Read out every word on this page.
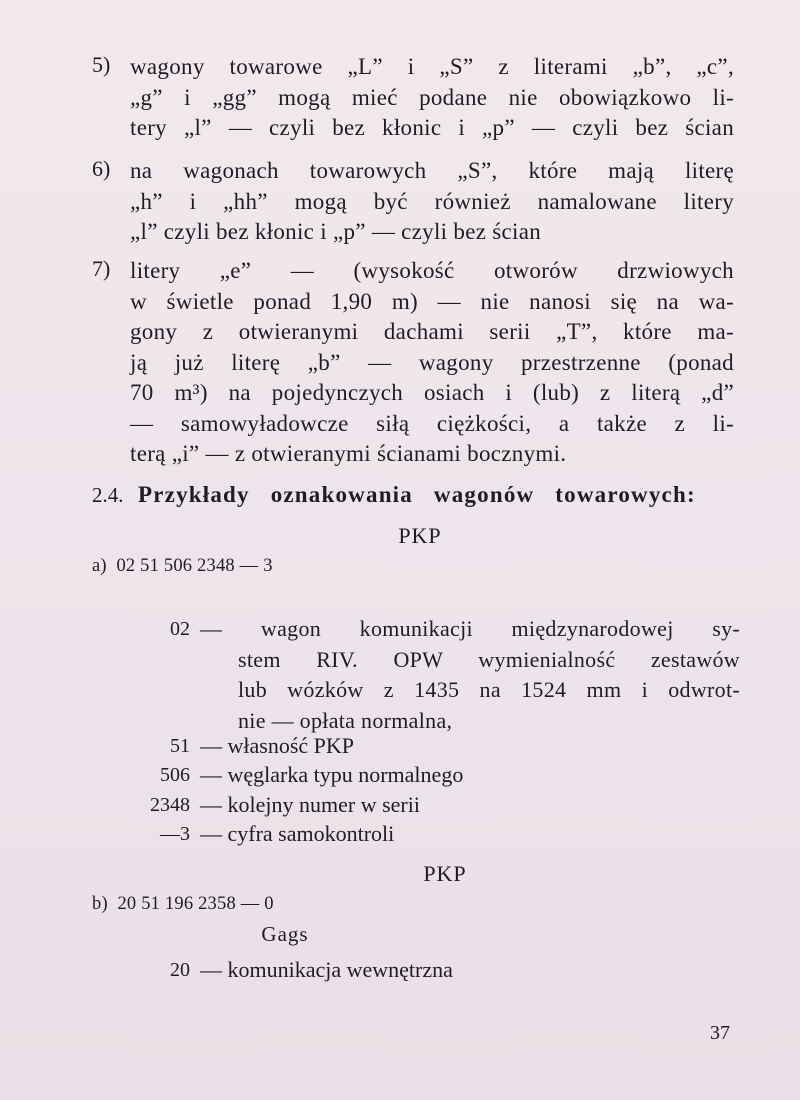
5) wagony towarowe „L” i „S” z literami „b”, „c”,
„g” i „gg” mogą mieć podane nie obowiązkowo li-
tery „l” — czyli bez kłonic i „p” — czyli bez ścian
6) na wagonach towarowych „S”, które mają literę
„h” i „hh” mogą być również namalowane litery
„l” czyli bez kłonic i „p” — czyli bez ścian
7) litery „e” — (wysokość otworów drzwiowych
w świetle ponad 1,90 m) — nie nanosi się na wa-
gony z otwieranymi dachami serii „T”, które ma-
ją już literę „b” — wagony przestrzenne (ponad
70 m³) na pojedynczych osiach i (lub) z literą „d”
— samowyładowcze siłą ciężkości, a także z li-
terą „i” — z otwieranymi ścianami bocznymi.
2.4. Przykłady oznakowania wagonów towarowych:
PKP
a) 02 51 506 2348 — 3
02 — wagon komunikacji międzynarodowej sy-
stem RIV. OPW wymienialność zestawów
lub wózków z 1435 na 1524 mm i odwrot-
nie — opłata normalna,
51 — własność PKP
506 — węglarka typu normalnego
2348 — kolejny numer w serii
—3 — cyfra samokontroli
PKP
b) 20 51 196 2358 — 0
Gags
20 — komunikacja wewnętrzna
37
